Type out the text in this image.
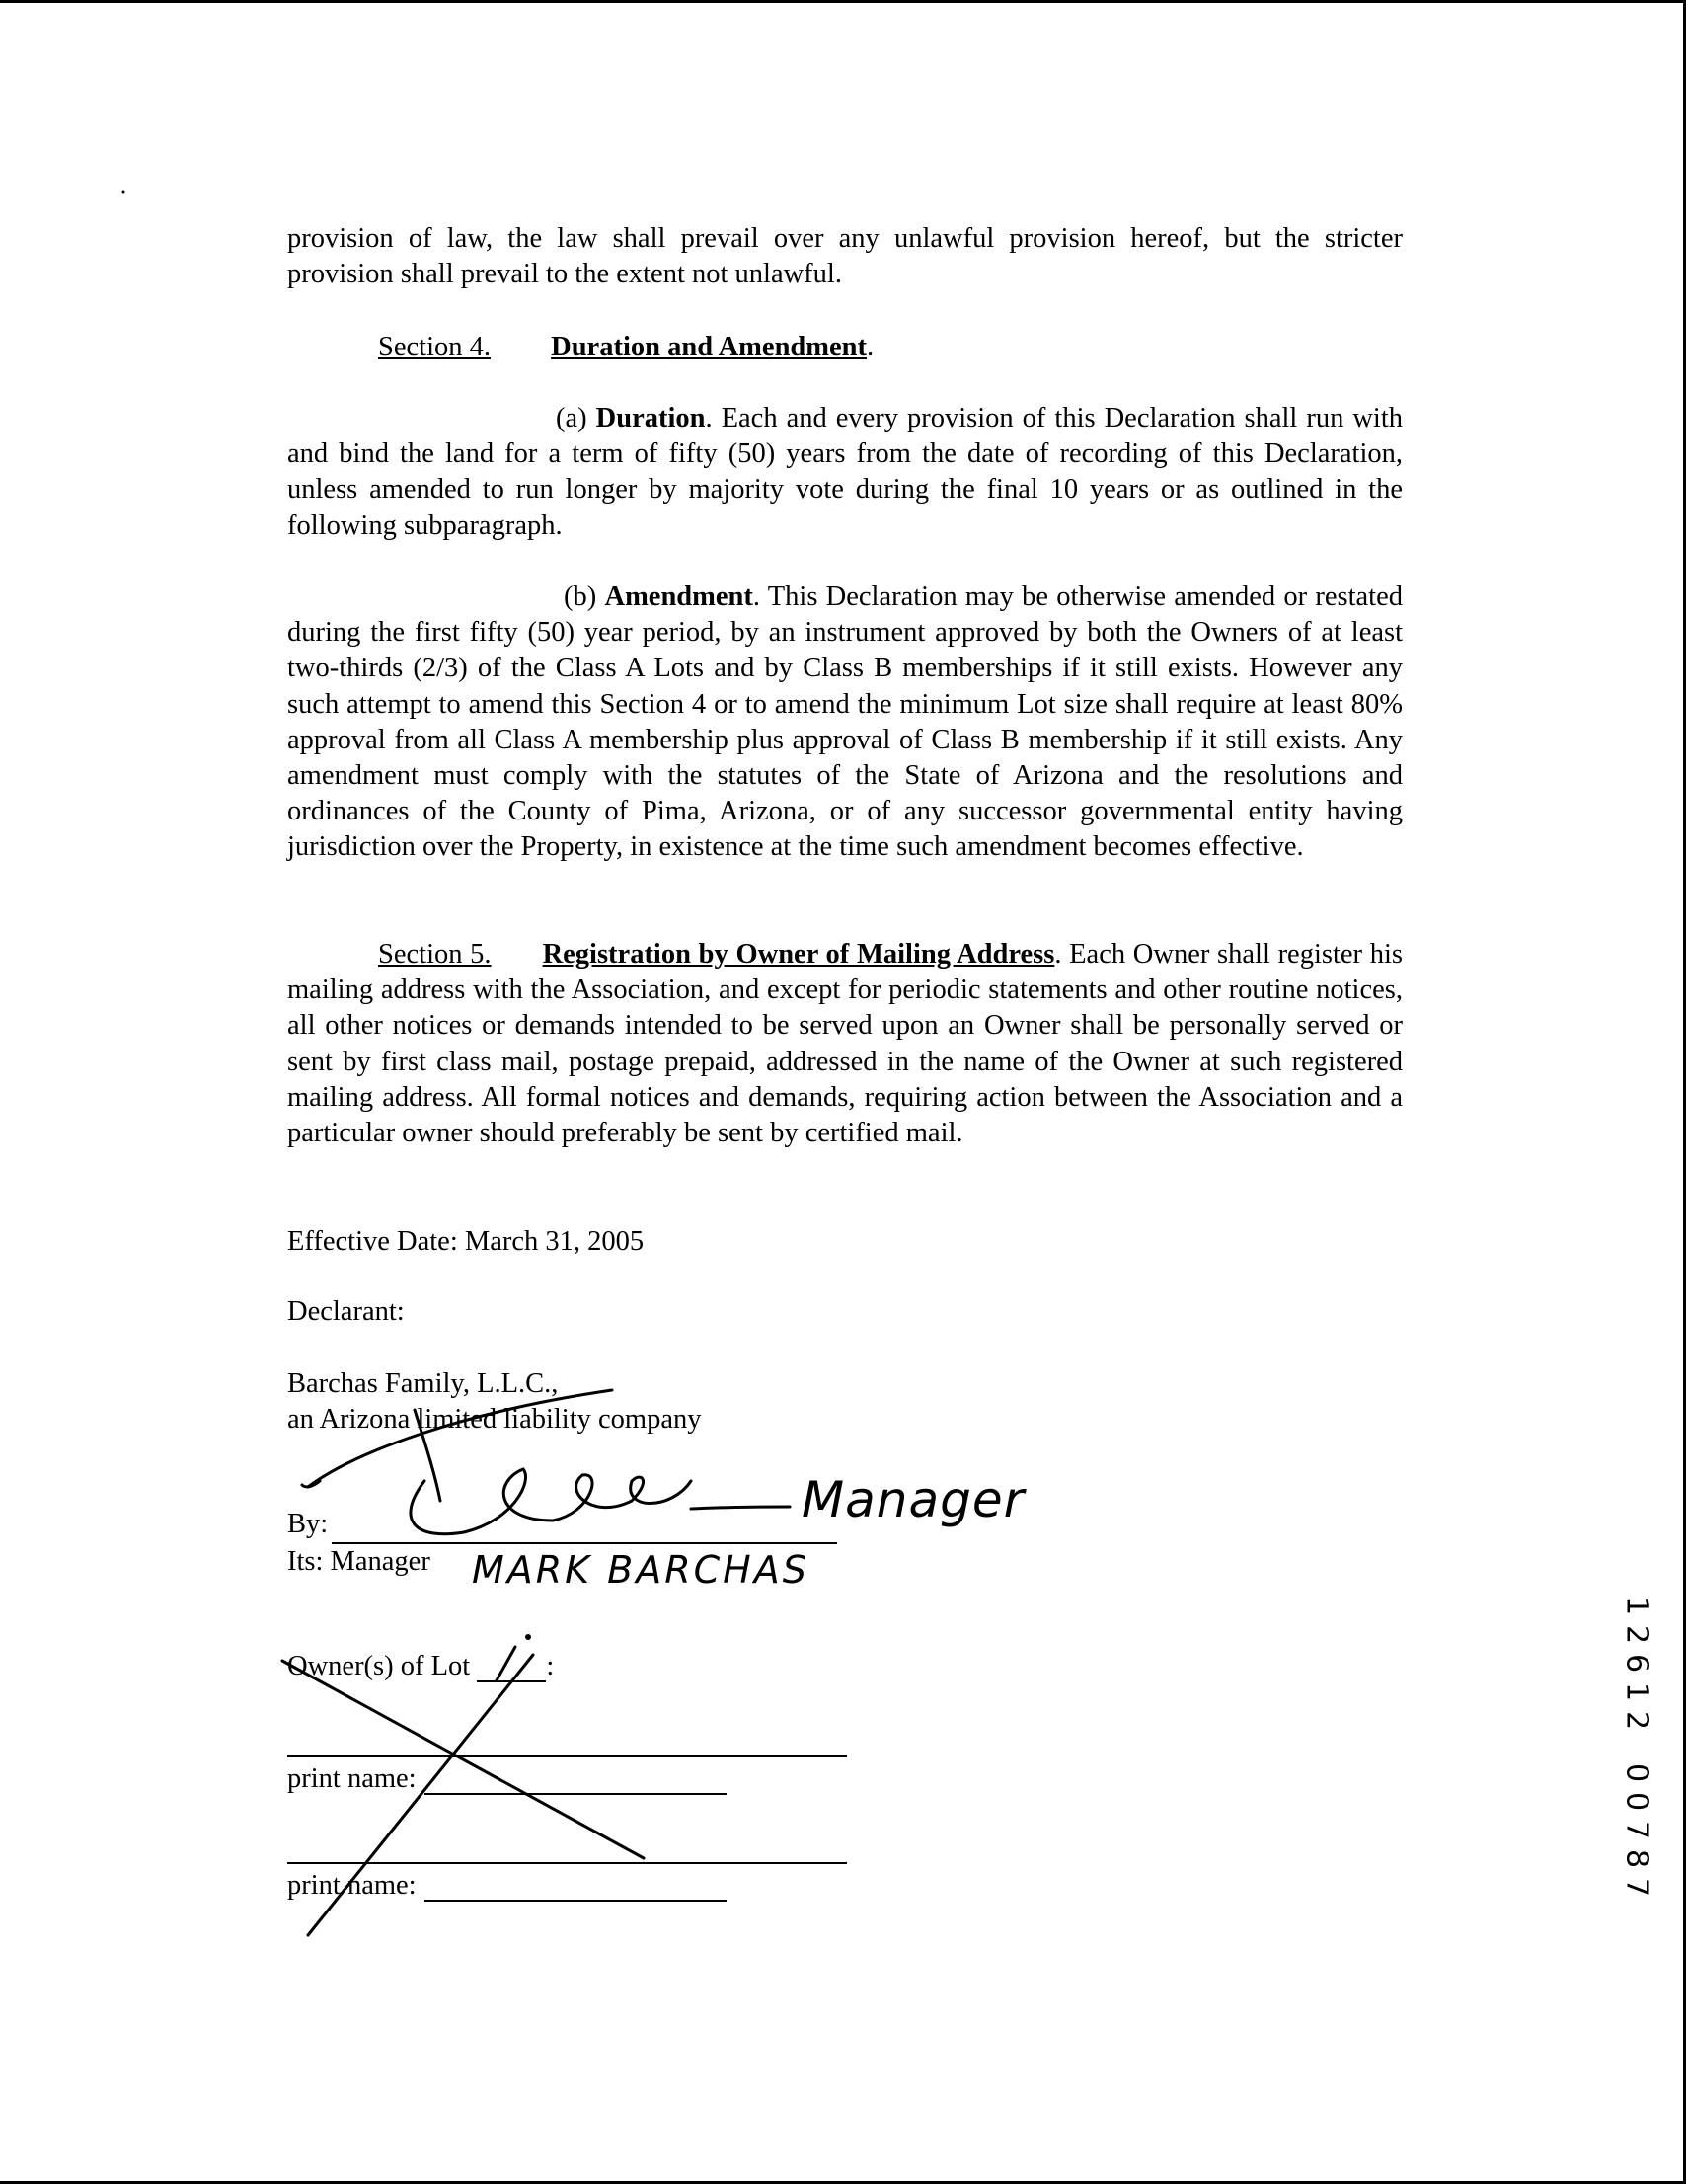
provision of law, the law shall prevail over any unlawful provision hereof, but the stricter provision shall prevail to the extent not unlawful.
Section 4. Duration and Amendment.
(a) Duration. Each and every provision of this Declaration shall run with and bind the land for a term of fifty (50) years from the date of recording of this Declaration, unless amended to run longer by majority vote during the final 10 years or as outlined in the following subparagraph.
(b) Amendment. This Declaration may be otherwise amended or restated during the first fifty (50) year period, by an instrument approved by both the Owners of at least two-thirds (2/3) of the Class A Lots and by Class B memberships if it still exists. However any such attempt to amend this Section 4 or to amend the minimum Lot size shall require at least 80% approval from all Class A membership plus approval of Class B membership if it still exists. Any amendment must comply with the statutes of the State of Arizona and the resolutions and ordinances of the County of Pima, Arizona, or of any successor governmental entity having jurisdiction over the Property, in existence at the time such amendment becomes effective.
Section 5. Registration by Owner of Mailing Address. Each Owner shall register his mailing address with the Association, and except for periodic statements and other routine notices, all other notices or demands intended to be served upon an Owner shall be personally served or sent by first class mail, postage prepaid, addressed in the name of the Owner at such registered mailing address. All formal notices and demands, requiring action between the Association and a particular owner should preferably be sent by certified mail.
Effective Date: March 31, 2005
Declarant:
Barchas Family, L.L.C.,
an Arizona limited liability company
By:
Its: Manager
Manager
MARK BARCHAS
Owner(s) of Lot	:
print name:
print name:
1
2
6
1
2
0
0
7
8
7
